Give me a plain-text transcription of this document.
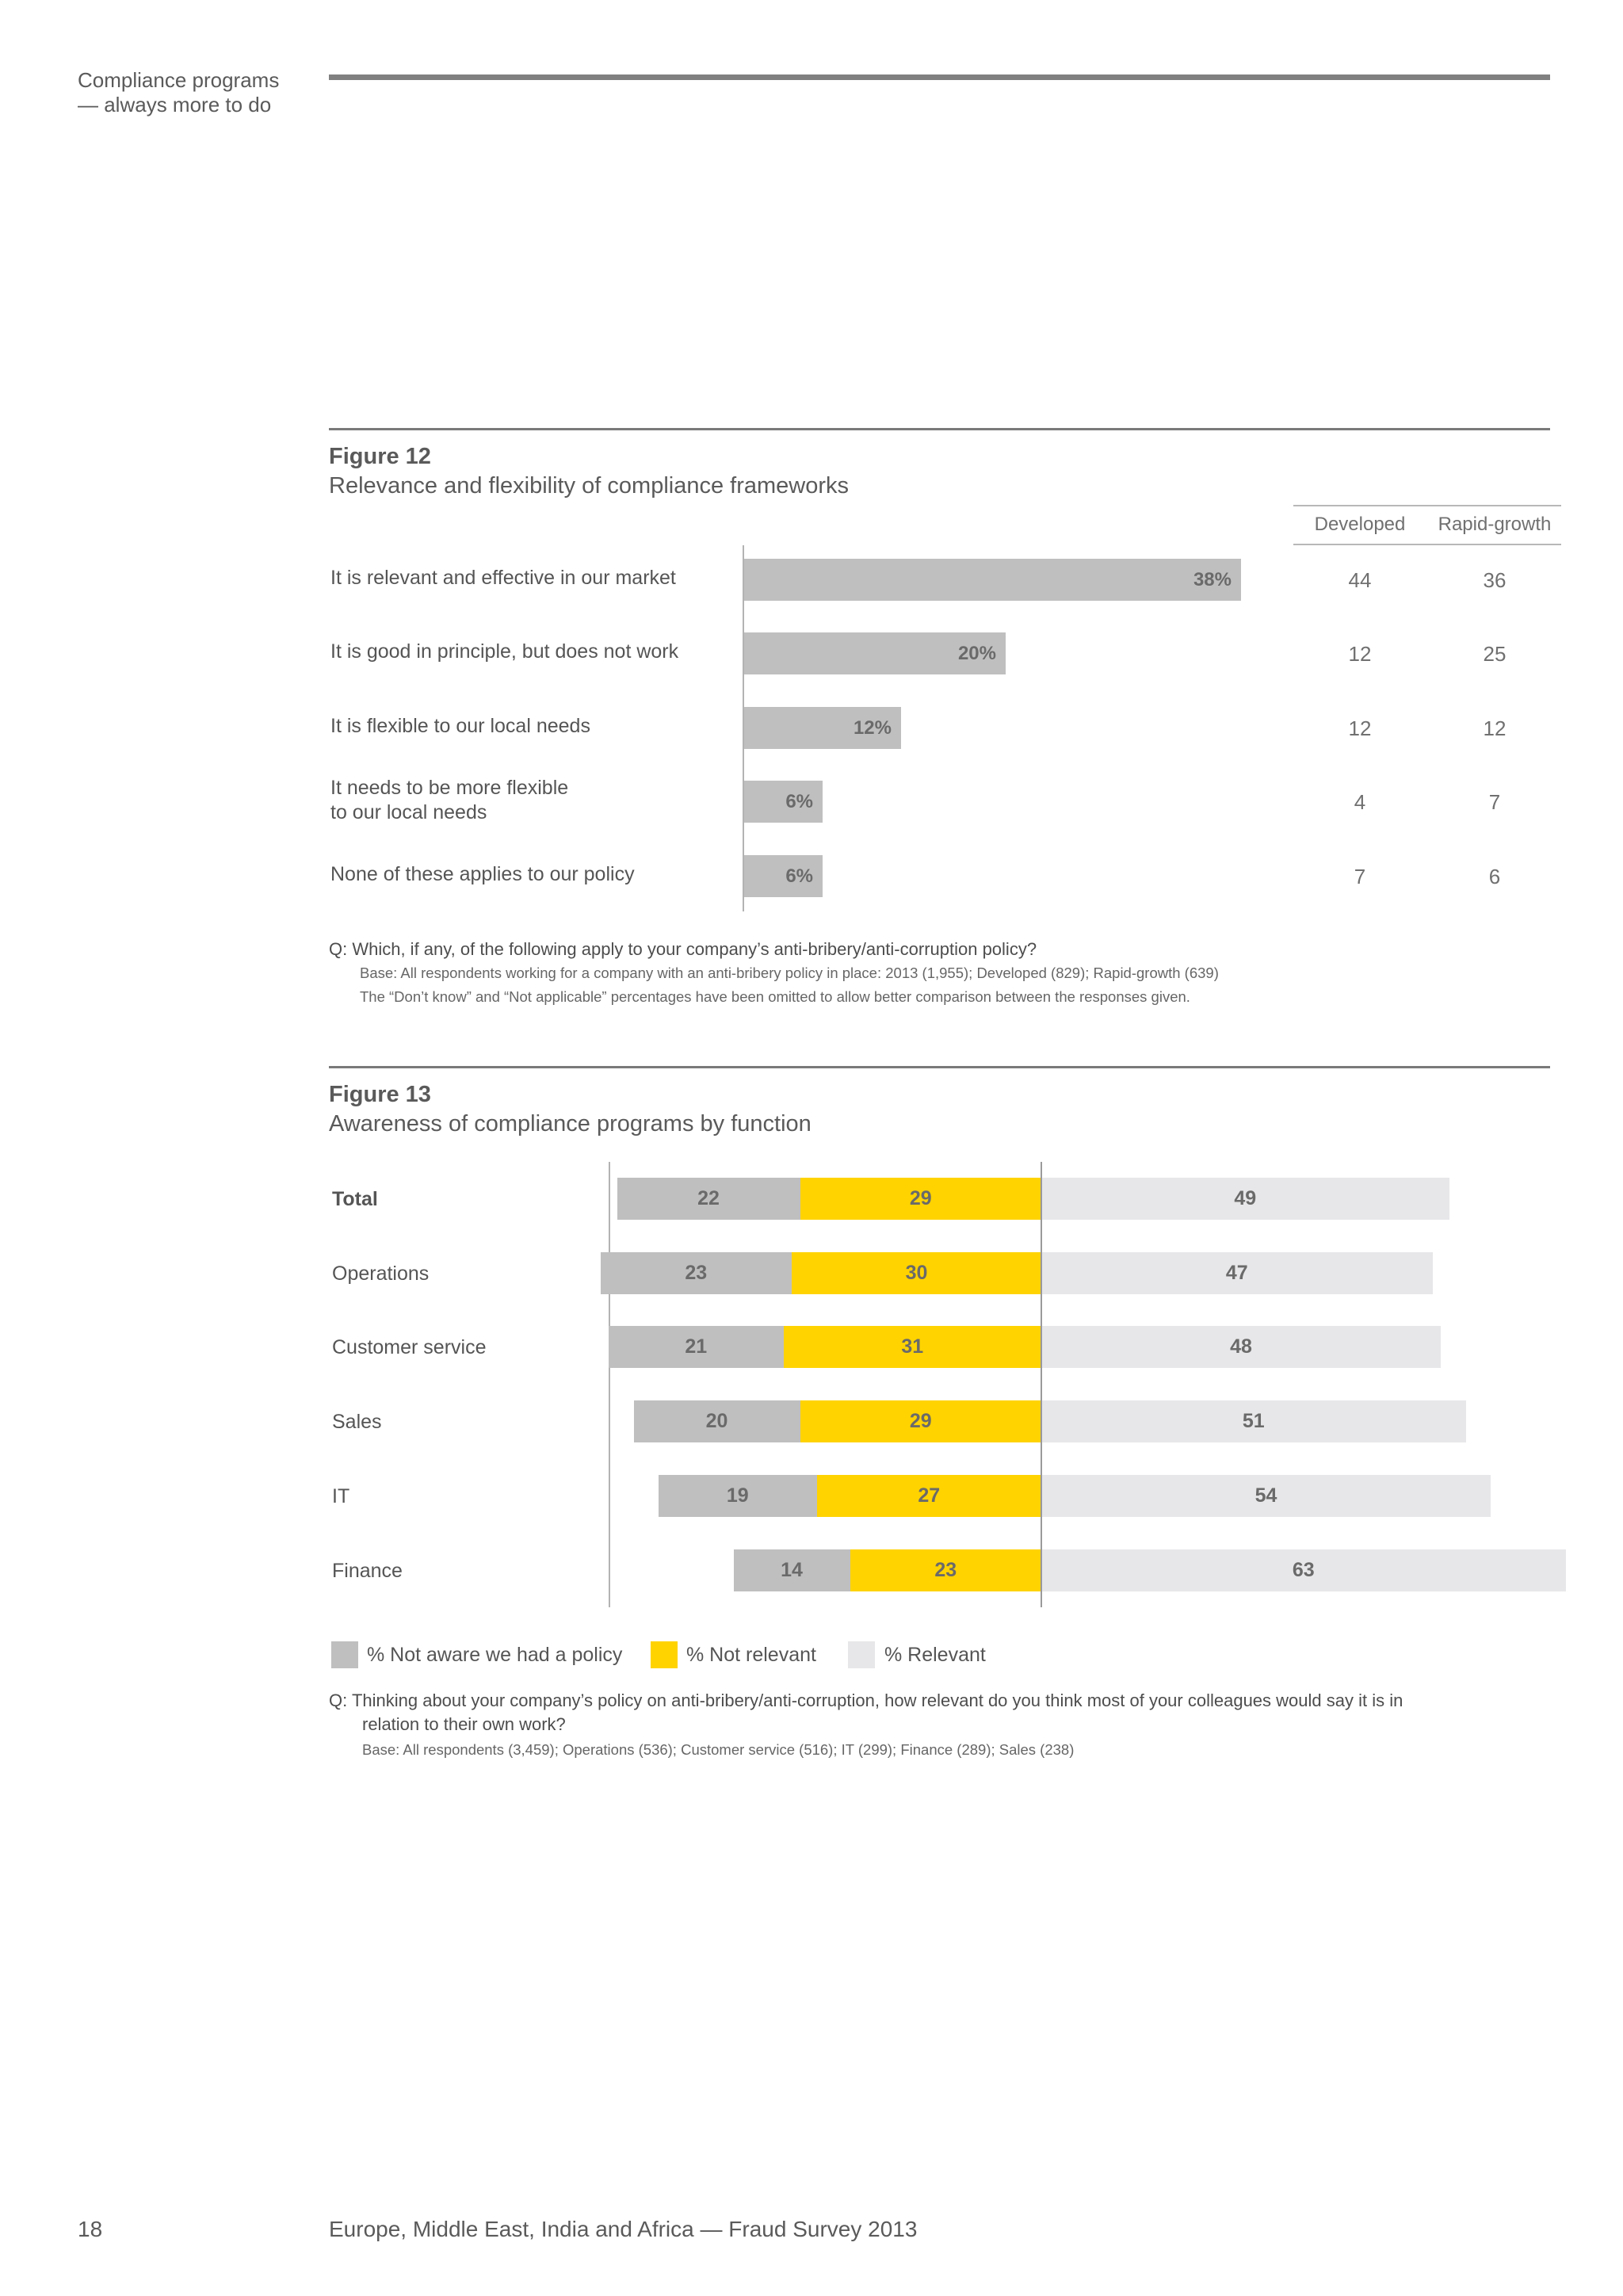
Compliance programs
— always more to do
Figure 12
Relevance and flexibility of compliance frameworks
Developed	Rapid-growth
It is relevant and effective in our market	38%	44	36
It is good in principle, but does not work	20%	12	25
It is flexible to our local needs	12%	12	12
It needs to be more flexible
to our local needs	6%	4	7
None of these applies to our policy	6%	7	6
Q: Which, if any, of the following apply to your company’s anti-bribery/anti-corruption policy?
Base: All respondents working for a company with an anti-bribery policy in place: 2013 (1,955); Developed (829); Rapid-growth (639)
The “Don’t know” and “Not applicable” percentages have been omitted to allow better comparison between the responses given.
Figure 13
Awareness of compliance programs by function
Total	22	29	49
Operations	23	30	47
Customer service	21	31	48
Sales	20	29	51
IT	19	27	54
Finance	14	23	63
% Not aware we had a policy	% Not relevant	% Relevant
Q: Thinking about your company’s policy on anti-bribery/anti-corruption, how relevant do you think most of your colleagues would say it is in
relation to their own work?
Base: All respondents (3,459); Operations (536); Customer service (516); IT (299); Finance (289); Sales (238)
18	Europe, Middle East, India and Africa — Fraud Survey 2013
